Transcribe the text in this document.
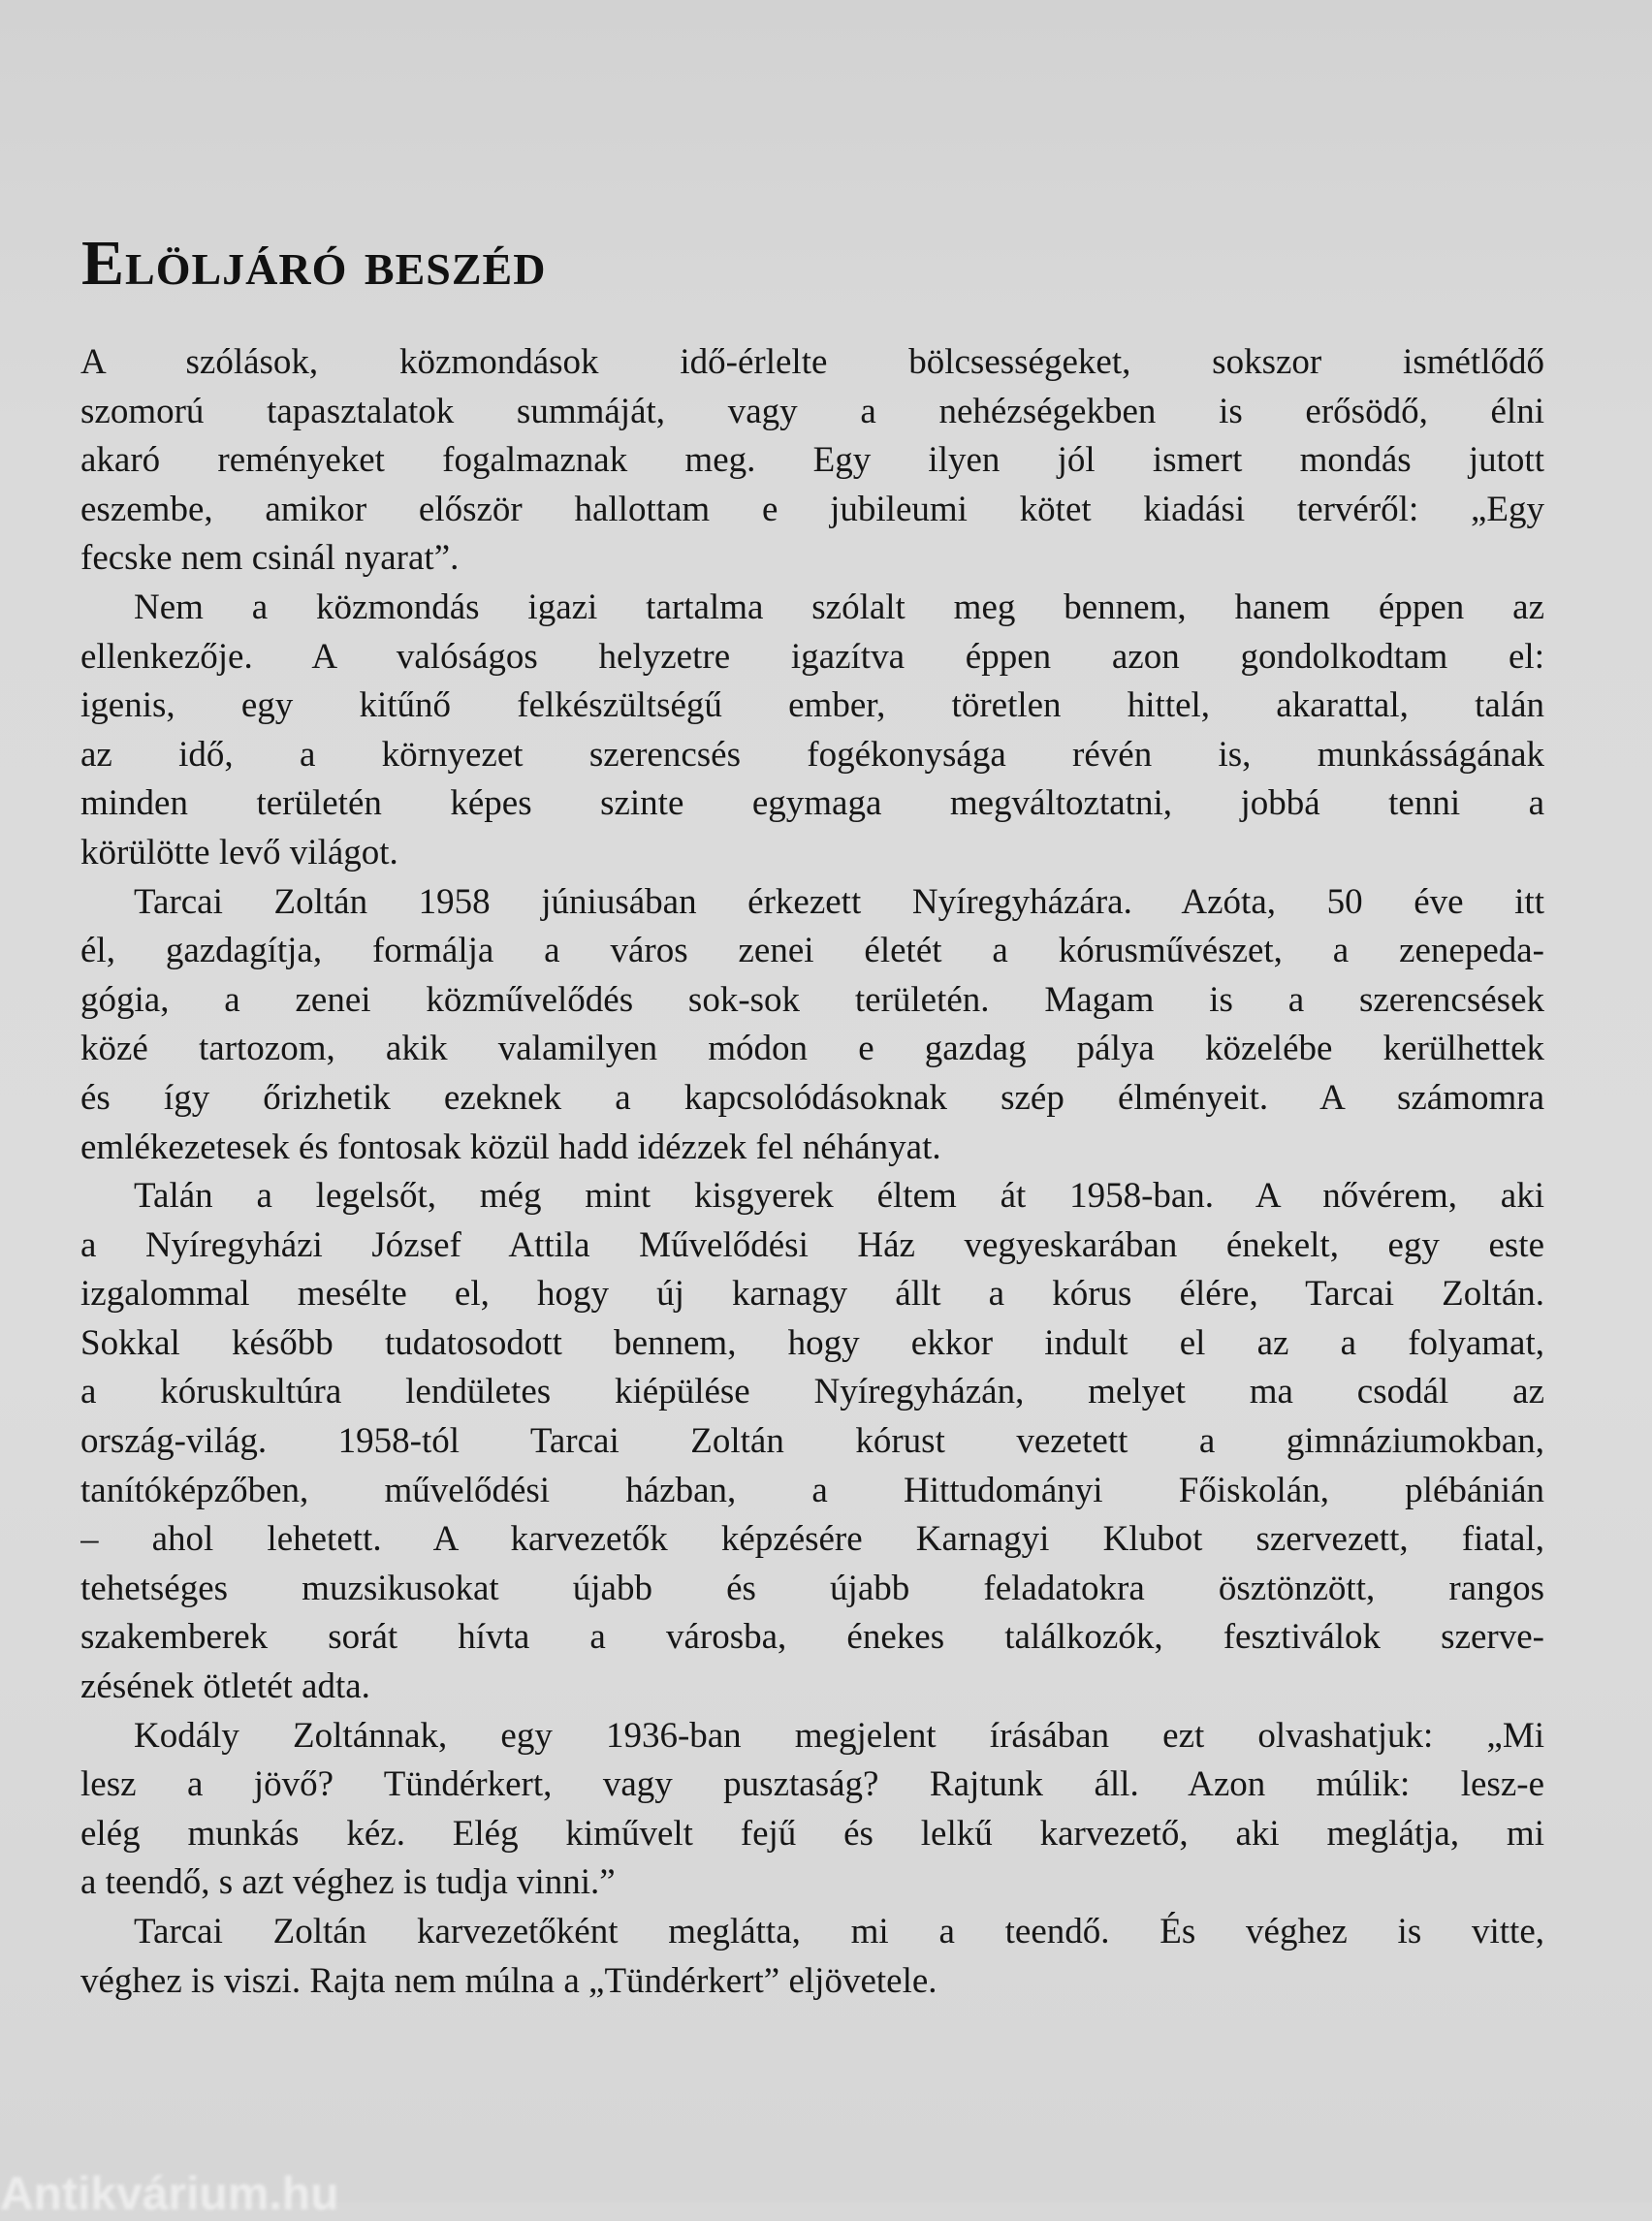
Elöljáró beszéd
A szólások, közmondások idő-érlelte bölcsességeket, sokszor ismétlődő
szomorú tapasztalatok summáját, vagy a nehézségekben is erősödő, élni
akaró reményeket fogalmaznak meg. Egy ilyen jól ismert mondás jutott
eszembe, amikor először hallottam e jubileumi kötet kiadási tervéről: „Egy
fecske nem csinál nyarat”.
Nem a közmondás igazi tartalma szólalt meg bennem, hanem éppen az
ellenkezője. A valóságos helyzetre igazítva éppen azon gondolkodtam el:
igenis, egy kitűnő felkészültségű ember, töretlen hittel, akarattal, talán
az idő, a környezet szerencsés fogékonysága révén is, munkásságának
minden területén képes szinte egymaga megváltoztatni, jobbá tenni a
körülötte levő világot.
Tarcai Zoltán 1958 júniusában érkezett Nyíregyházára. Azóta, 50 éve itt
él, gazdagítja, formálja a város zenei életét a kórusművészet, a zenepeda-
gógia, a zenei közművelődés sok-sok területén. Magam is a szerencsések
közé tartozom, akik valamilyen módon e gazdag pálya közelébe kerülhettek
és így őrizhetik ezeknek a kapcsolódásoknak szép élményeit. A számomra
emlékezetesek és fontosak közül hadd idézzek fel néhányat.
Talán a legelsőt, még mint kisgyerek éltem át 1958-ban. A nővérem, aki
a Nyíregyházi József Attila Művelődési Ház vegyeskarában énekelt, egy este
izgalommal mesélte el, hogy új karnagy állt a kórus élére, Tarcai Zoltán.
Sokkal később tudatosodott bennem, hogy ekkor indult el az a folyamat,
a kóruskultúra lendületes kiépülése Nyíregyházán, melyet ma csodál az
ország-világ. 1958-tól Tarcai Zoltán kórust vezetett a gimnáziumokban,
tanítóképzőben, művelődési házban, a Hittudományi Főiskolán, plébánián
– ahol lehetett. A karvezetők képzésére Karnagyi Klubot szervezett, fiatal,
tehetséges muzsikusokat újabb és újabb feladatokra ösztönzött, rangos
szakemberek sorát hívta a városba, énekes találkozók, fesztiválok szerve-
zésének ötletét adta.
Kodály Zoltánnak, egy 1936-ban megjelent írásában ezt olvashatjuk: „Mi
lesz a jövő? Tündérkert, vagy pusztaság? Rajtunk áll. Azon múlik: lesz-e
elég munkás kéz. Elég kiművelt fejű és lelkű karvezető, aki meglátja, mi
a teendő, s azt véghez is tudja vinni.”
Tarcai Zoltán karvezetőként meglátta, mi a teendő. És véghez is vitte,
véghez is viszi. Rajta nem múlna a „Tündérkert” eljövetele.
Antikvárium.hu
